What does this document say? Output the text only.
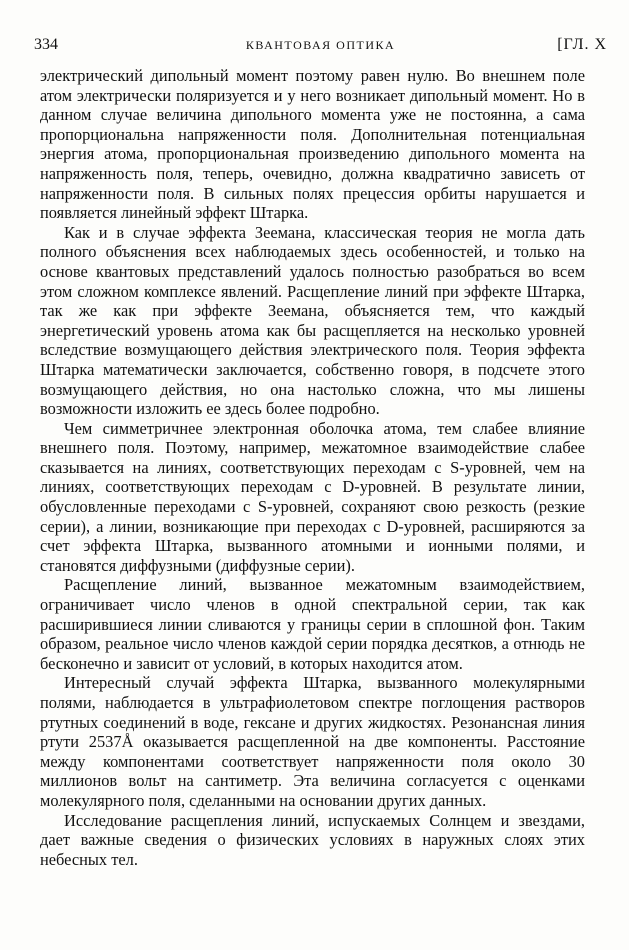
334	КВАНТОВАЯ ОПТИКА	[ГЛ. X

электрический дипольный момент поэтому равен нулю. Во внешнем поле атом электрически поляризуется и у него возникает дипольный момент. Но в данном случае величина дипольного момента уже не постоянна, а сама пропорциональна напряженности поля. Дополнительная потенциальная энергия атома, пропорциональная произведению дипольного момента на напряженность поля, теперь, очевидно, должна квадратично зависеть от напряженности поля. В сильных полях прецессия орбиты нарушается и появляется линейный эффект Штарка.

Как и в случае эффекта Зеемана, классическая теория не могла дать полного объяснения всех наблюдаемых здесь особенностей, и только на основе квантовых представлений удалось полностью разобраться во всем этом сложном комплексе явлений. Расщепление линий при эффекте Штарка, так же как при эффекте Зеемана, объясняется тем, что каждый энергетический уровень атома как бы расщепляется на несколько уровней вследствие возмущающего действия электрического поля. Теория эффекта Штарка математически заключается, собственно говоря, в подсчете этого возмущающего действия, но она настолько сложна, что мы лишены возможности изложить ее здесь более подробно.

Чем симметричнее электронная оболочка атома, тем слабее влияние внешнего поля. Поэтому, например, межатомное взаимодействие слабее сказывается на линиях, соответствующих переходам с S-уровней, чем на линиях, соответствующих переходам с D-уровней. В результате линии, обусловленные переходами с S-уровней, сохраняют свою резкость (резкие серии), а линии, возникающие при переходах с D-уровней, расширяются за счет эффекта Штарка, вызванного атомными и ионными полями, и становятся диффузными (диффузные серии).

Расщепление линий, вызванное межатомным взаимодействием, ограничивает число членов в одной спектральной серии, так как расширившиеся линии сливаются у границы серии в сплошной фон. Таким образом, реальное число членов каждой серии порядка десятков, а отнюдь не бесконечно и зависит от условий, в которых находится атом.

Интересный случай эффекта Штарка, вызванного молекулярными полями, наблюдается в ультрафиолетовом спектре поглощения растворов ртутных соединений в воде, гексане и других жидкостях. Резонансная линия ртути 2537Å оказывается расщепленной на две компоненты. Расстояние между компонентами соответствует напряженности поля около 30 миллионов вольт на сантиметр. Эта величина согласуется с оценками молекулярного поля, сделанными на основании других данных.

Исследование расщепления линий, испускаемых Солнцем и звездами, дает важные сведения о физических условиях в наружных слоях этих небесных тел.
